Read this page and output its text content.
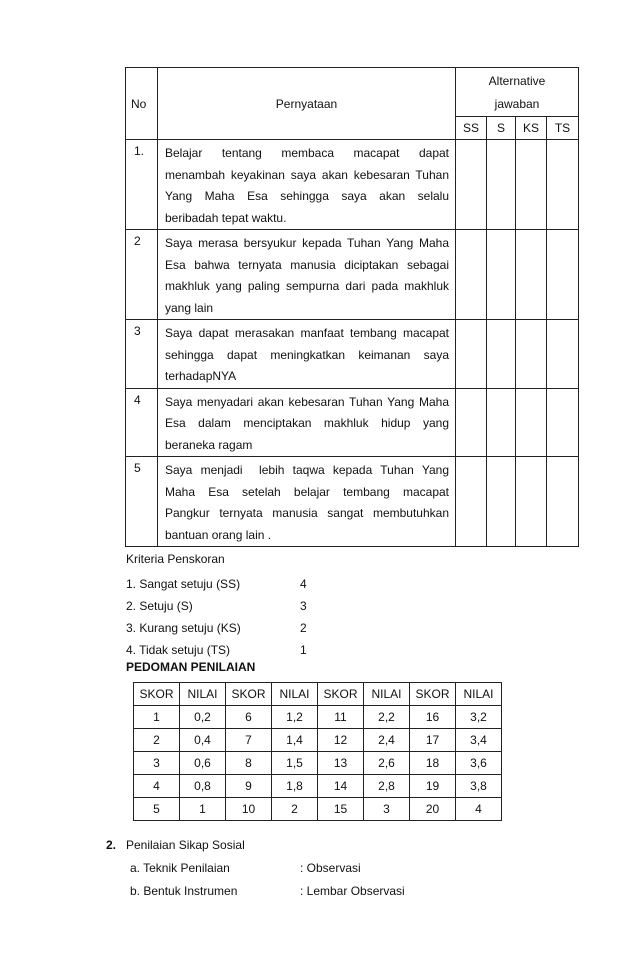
No	Pernyataan	Alternative
jawaban			

		SS	S	KS	TS
1.	Belajar tentang membaca macapat dapat
menambah keyakinan saya akan kebesaran Tuhan
Yang Maha Esa sehingga saya akan selalu
beribadah tepat waktu.				

2	Saya merasa bersyukur kepada Tuhan Yang Maha
Esa bahwa ternyata manusia diciptakan sebagai
makhluk yang paling sempurna dari pada makhluk
yang lain				

3	Saya dapat merasakan manfaat tembang macapat
sehingga dapat meningkatkan keimanan saya
terhadapNYA				

4	Saya menyadari akan kebesaran Tuhan Yang Maha
Esa dalam menciptakan makhluk hidup yang
beraneka ragam				

5	Saya menjadi  lebih taqwa kepada Tuhan Yang
Maha Esa setelah belajar tembang macapat
Pangkur ternyata manusia sangat membutuhkan
bantuan orang lain .				

Kriteria Penskoran
1. Sangat setuju (SS)	4
2. Setuju (S)	3
3. Kurang setuju (KS)	2
4. Tidak setuju (TS)	1
PEDOMAN PENILAIAN
SKOR	NILAI	SKOR	NILAI	SKOR	NILAI	SKOR	NILAI
1	0,2	6	1,2	11	2,2	16	3,2
2	0,4	7	1,4	12	2,4	17	3,4
3	0,6	8	1,5	13	2,6	18	3,6
4	0,8	9	1,8	14	2,8	19	3,8
5	1	10	2	15	3	20	4
2. Penilaian Sikap Sosial
a. Teknik Penilaian	: Observasi
b. Bentuk Instrumen	: Lembar Observasi
